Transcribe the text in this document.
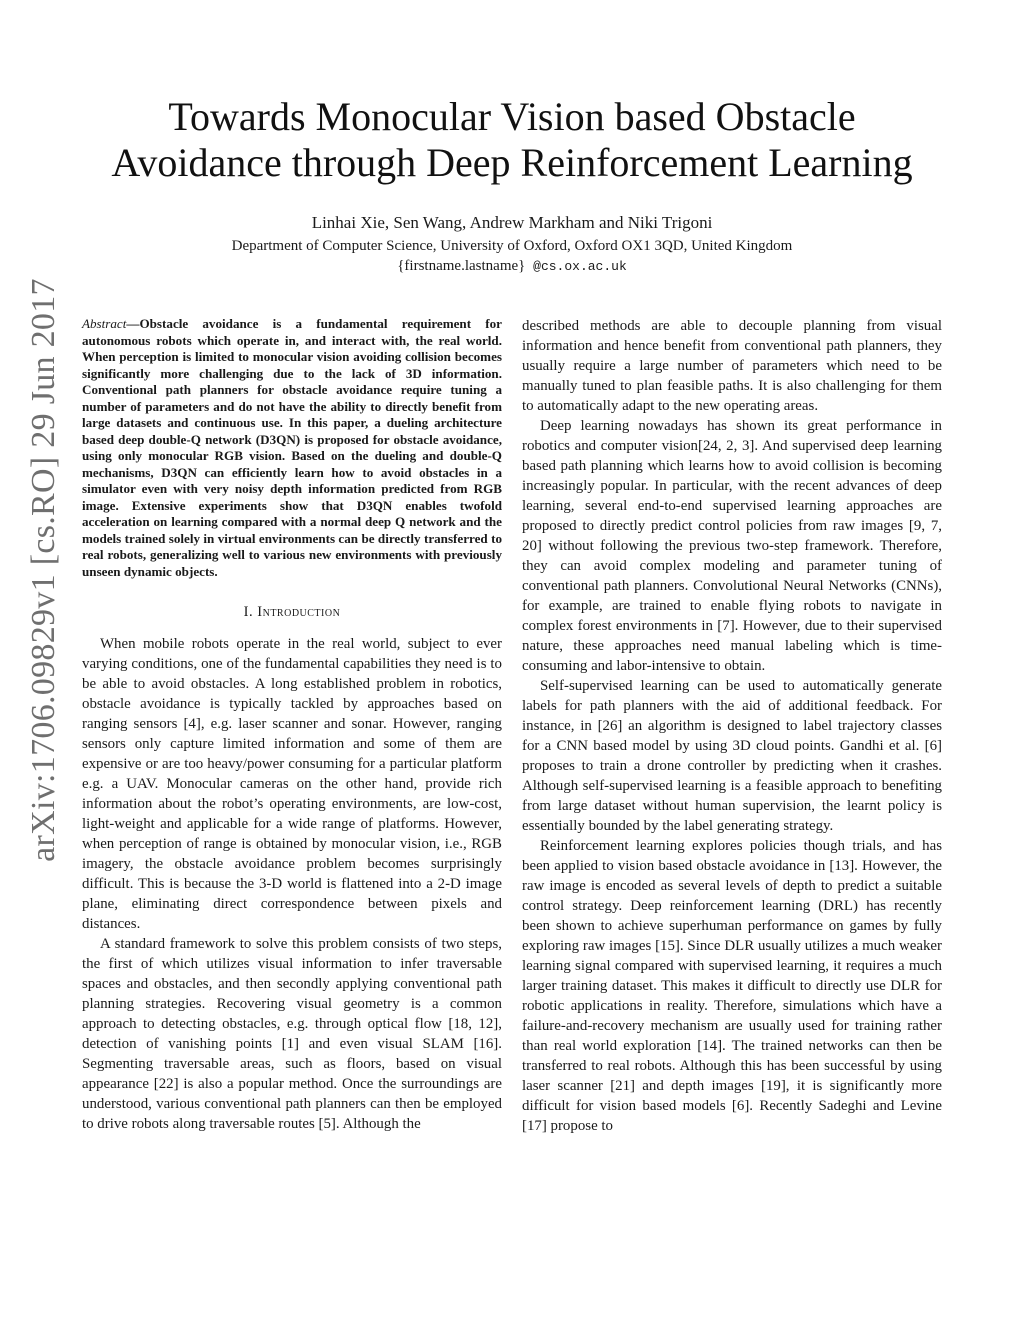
arXiv:1706.09829v1 [cs.RO] 29 Jun 2017
Towards Monocular Vision based Obstacle
Avoidance through Deep Reinforcement Learning
Linhai Xie, Sen Wang, Andrew Markham and Niki Trigoni
Department of Computer Science, University of Oxford, Oxford OX1 3QD, United Kingdom
{firstname.lastname} @cs.ox.ac.uk

Abstract—Obstacle avoidance is a fundamental requirement for autonomous robots which operate in, and interact with, the real world. When perception is limited to monocular vision avoiding collision becomes significantly more challenging due to the lack of 3D information. Conventional path planners for obstacle avoidance require tuning a number of parameters and do not have the ability to directly benefit from large datasets and continuous use. In this paper, a dueling architecture based deep double-Q network (D3QN) is proposed for obstacle avoidance, using only monocular RGB vision. Based on the dueling and double-Q mechanisms, D3QN can efficiently learn how to avoid obstacles in a simulator even with very noisy depth information predicted from RGB image. Extensive experiments show that D3QN enables twofold acceleration on learning compared with a normal deep Q network and the models trained solely in virtual environments can be directly transferred to real robots, generalizing well to various new environments with previously unseen dynamic objects.

I. Introduction

When mobile robots operate in the real world, subject to ever varying conditions, one of the fundamental capabilities they need is to be able to avoid obstacles. A long established problem in robotics, obstacle avoidance is typically tackled by approaches based on ranging sensors [4], e.g. laser scanner and sonar. However, ranging sensors only capture limited information and some of them are expensive or are too heavy/power consuming for a particular platform e.g. a UAV. Monocular cameras on the other hand, provide rich information about the robot’s operating environments, are low-cost, light-weight and applicable for a wide range of platforms. However, when perception of range is obtained by monocular vision, i.e., RGB imagery, the obstacle avoidance problem becomes surprisingly difficult. This is because the 3-D world is flattened into a 2-D image plane, eliminating direct correspondence between pixels and distances.

A standard framework to solve this problem consists of two steps, the first of which utilizes visual information to infer traversable spaces and obstacles, and then secondly applying conventional path planning strategies. Recovering visual geometry is a common approach to detecting obstacles, e.g. through optical flow [18, 12], detection of vanishing points [1] and even visual SLAM [16]. Segmenting traversable areas, such as floors, based on visual appearance [22] is also a popular method. Once the surroundings are understood, various conventional path planners can then be employed to drive robots along traversable routes [5]. Although the

described methods are able to decouple planning from visual information and hence benefit from conventional path planners, they usually require a large number of parameters which need to be manually tuned to plan feasible paths. It is also challenging for them to automatically adapt to the new operating areas.

Deep learning nowadays has shown its great performance in robotics and computer vision[24, 2, 3]. And supervised deep learning based path planning which learns how to avoid collision is becoming increasingly popular. In particular, with the recent advances of deep learning, several end-to-end supervised learning approaches are proposed to directly predict control policies from raw images [9, 7, 20] without following the previous two-step framework. Therefore, they can avoid complex modeling and parameter tuning of conventional path planners. Convolutional Neural Networks (CNNs), for example, are trained to enable flying robots to navigate in complex forest environments in [7]. However, due to their supervised nature, these approaches need manual labeling which is time-consuming and labor-intensive to obtain.

Self-supervised learning can be used to automatically generate labels for path planners with the aid of additional feedback. For instance, in [26] an algorithm is designed to label trajectory classes for a CNN based model by using 3D cloud points. Gandhi et al. [6] proposes to train a drone controller by predicting when it crashes. Although self-supervised learning is a feasible approach to benefiting from large dataset without human supervision, the learnt policy is essentially bounded by the label generating strategy.

Reinforcement learning explores policies though trials, and has been applied to vision based obstacle avoidance in [13]. However, the raw image is encoded as several levels of depth to predict a suitable control strategy. Deep reinforcement learning (DRL) has recently been shown to achieve superhuman performance on games by fully exploring raw images [15]. Since DLR usually utilizes a much weaker learning signal compared with supervised learning, it requires a much larger training dataset. This makes it difficult to directly use DLR for robotic applications in reality. Therefore, simulations which have a failure-and-recovery mechanism are usually used for training rather than real world exploration [14]. The trained networks can then be transferred to real robots. Although this has been successful by using laser scanner [21] and depth images [19], it is significantly more difficult for vision based models [6]. Recently Sadeghi and Levine [17] propose to
